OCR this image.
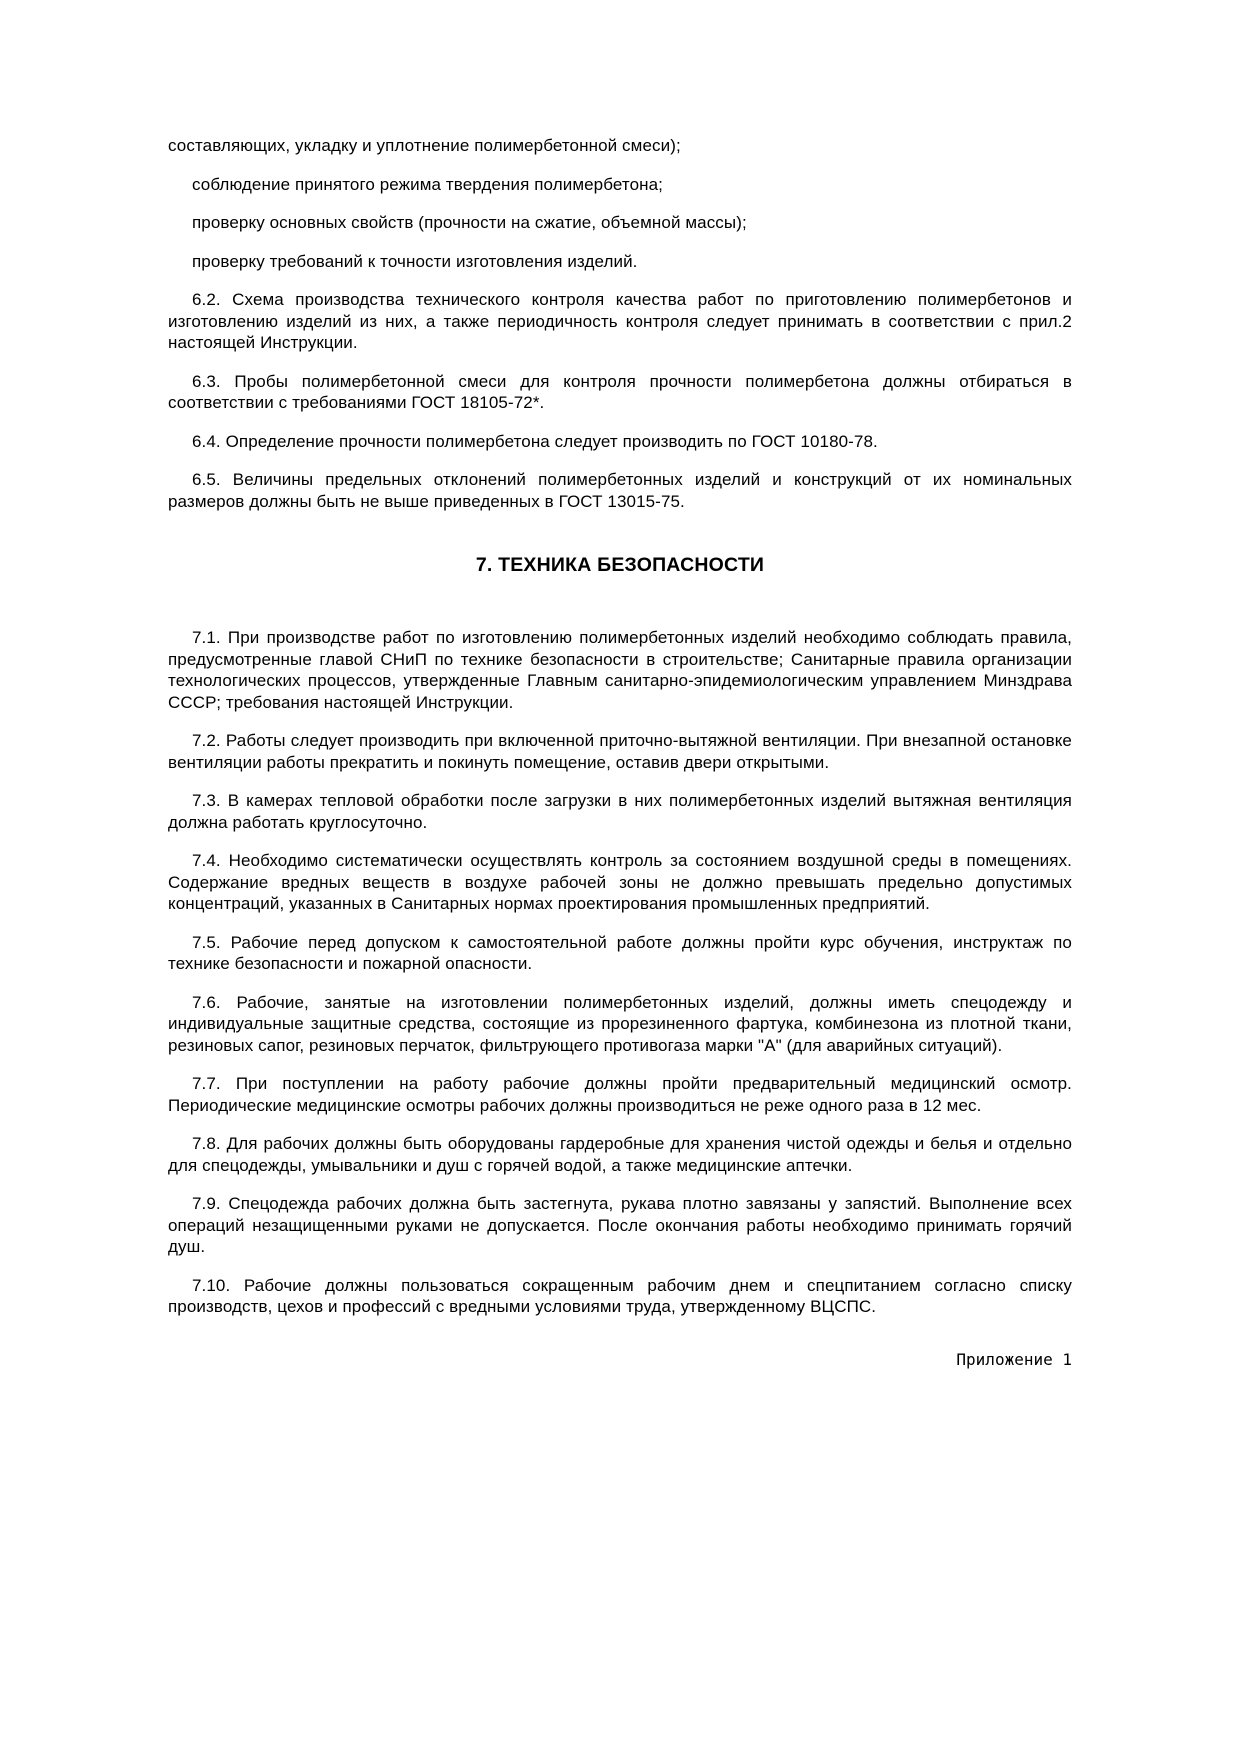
составляющих, укладку и уплотнение полимербетонной смеси);

соблюдение принятого режима твердения полимербетона;

проверку основных свойств (прочности на сжатие, объемной массы);

проверку требований к точности изготовления изделий.

6.2. Схема производства технического контроля качества работ по приготовлению полимербетонов и изготовлению изделий из них, а также периодичность контроля следует принимать в соответствии с прил.2 настоящей Инструкции.

6.3. Пробы полимербетонной смеси для контроля прочности полимербетона должны отбираться в соответствии с требованиями ГОСТ 18105-72*.

6.4. Определение прочности полимербетона следует производить по ГОСТ 10180-78.

6.5. Величины предельных отклонений полимербетонных изделий и конструкций от их номинальных размеров должны быть не выше приведенных в ГОСТ 13015-75.

7. ТЕХНИКА БЕЗОПАСНОСТИ

7.1. При производстве работ по изготовлению полимербетонных изделий необходимо соблюдать правила, предусмотренные главой СНиП по технике безопасности в строительстве; Санитарные правила организации технологических процессов, утвержденные Главным санитарно-эпидемиологическим управлением Минздрава СССР; требования настоящей Инструкции.

7.2. Работы следует производить при включенной приточно-вытяжной вентиляции. При внезапной остановке вентиляции работы прекратить и покинуть помещение, оставив двери открытыми.

7.3. В камерах тепловой обработки после загрузки в них полимербетонных изделий вытяжная вентиляция должна работать круглосуточно.

7.4. Необходимо систематически осуществлять контроль за состоянием воздушной среды в помещениях. Содержание вредных веществ в воздухе рабочей зоны не должно превышать предельно допустимых концентраций, указанных в Санитарных нормах проектирования промышленных предприятий.

7.5. Рабочие перед допуском к самостоятельной работе должны пройти курс обучения, инструктаж по технике безопасности и пожарной опасности.

7.6. Рабочие, занятые на изготовлении полимербетонных изделий, должны иметь спецодежду и индивидуальные защитные средства, состоящие из прорезиненного фартука, комбинезона из плотной ткани, резиновых сапог, резиновых перчаток, фильтрующего противогаза марки "А" (для аварийных ситуаций).

7.7. При поступлении на работу рабочие должны пройти предварительный медицинский осмотр. Периодические медицинские осмотры рабочих должны производиться не реже одного раза в 12 мес.

7.8. Для рабочих должны быть оборудованы гардеробные для хранения чистой одежды и белья и отдельно для спецодежды, умывальники и душ с горячей водой, а также медицинские аптечки.

7.9. Спецодежда рабочих должна быть застегнута, рукава плотно завязаны у запястий. Выполнение всех операций незащищенными руками не допускается. После окончания работы необходимо принимать горячий душ.

7.10. Рабочие должны пользоваться сокращенным рабочим днем и спецпитанием согласно списку производств, цехов и профессий с вредными условиями труда, утвержденному ВЦСПС.

Приложение 1
